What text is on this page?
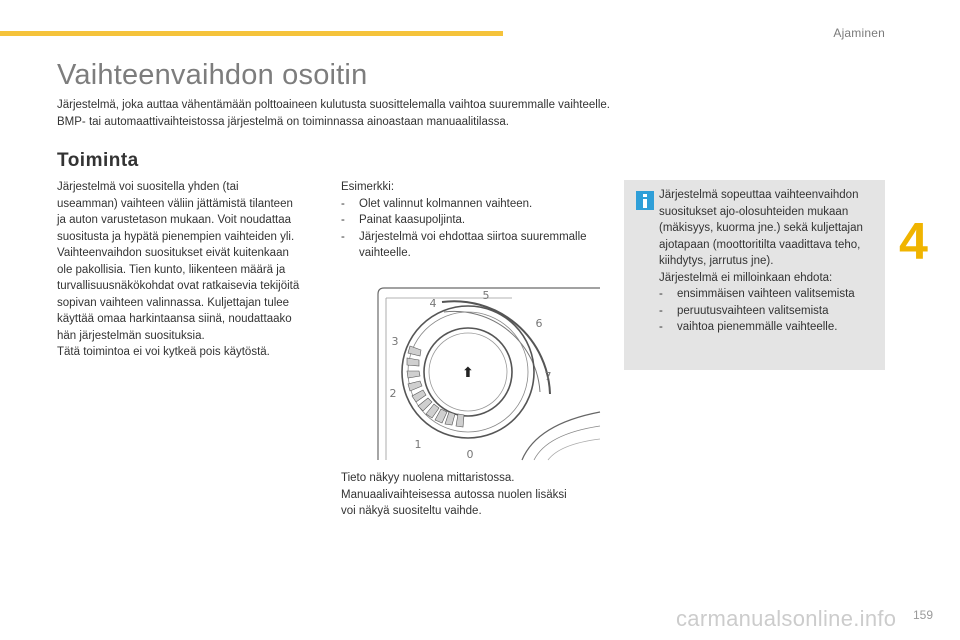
Ajaminen
4
Vaihteenvaihdon osoitin

Järjestelmä, joka auttaa vähentämään polttoaineen kulutusta suosittelemalla vaihtoa suuremmalle vaihteelle.

BMP- tai automaattivaihteistossa järjestelmä on toiminnassa ainoastaan manuaalitilassa.

Toiminta

Järjestelmä voi suositella yhden (tai

useamman) vaihteen väliin jättämistä tilanteen

ja auton varustetason mukaan. Voit noudattaa

suositusta ja hypätä pienempien vaihteiden yli.

Vaihteenvaihdon suositukset eivät kuitenkaan

ole pakollisia. Tien kunto, liikenteen määrä ja

turvallisuusnäkökohdat ovat ratkaisevia tekijöitä

sopivan vaihteen valinnassa. Kuljettajan tulee

käyttää omaa harkintaansa siinä, noudattaako

hän järjestelmän suosituksia.

Tätä toimintoa ei voi kytkeä pois käytöstä.

Esimerkki:

- Olet valinnut kolmannen vaihteen.
- Painat kaasupoljinta.
- Järjestelmä voi ehdottaa siirtoa suuremmalle vaihteelle.

Järjestelmä sopeuttaa vaihteenvaihdon

suositukset ajo-olosuhteiden mukaan

(mäkisyys, kuorma jne.) sekä kuljettajan

ajotapaan (moottoritilta vaadittava teho,

kiihdytys, jarrutus jne).

Järjestelmä ei milloinkaan ehdota:

- ensimmäisen vaihteen valitsemista
- peruutusvaihteen valitsemista
- vaihtoa pienemmälle vaihteelle.
⬆
0
1
2
3
4
5
6
7

Tieto näkyy nuolena mittaristossa.

Manuaalivaihteisessa autossa nuolen lisäksi

voi näkyä suositeltu vaihde.

carmanualsonline.info 159
